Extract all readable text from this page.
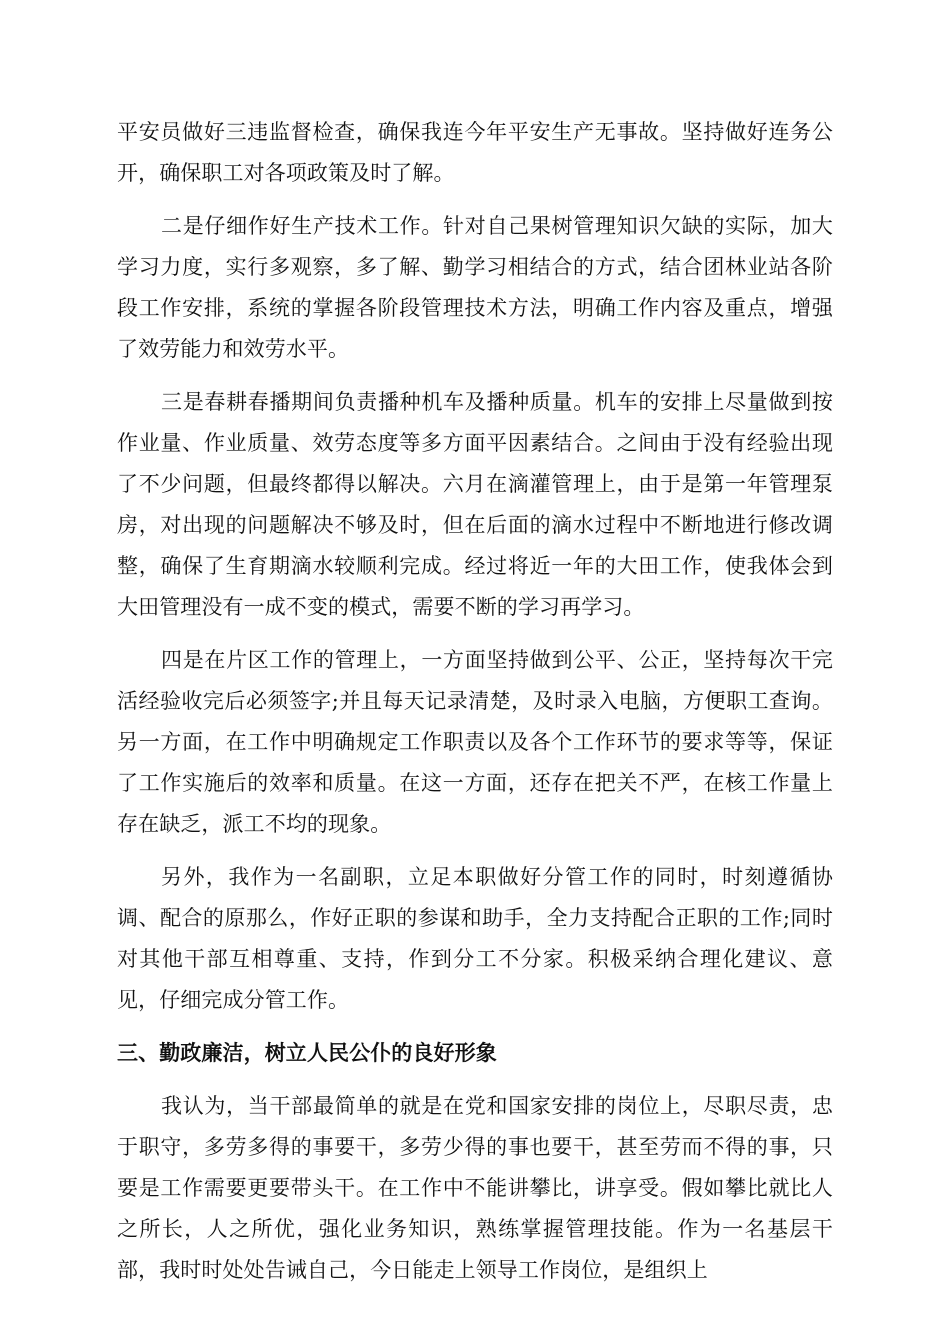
平安员做好三违监督检查，确保我连今年平安生产无事故。坚持做好连务公开，确保职工对各项政策及时了解。

二是仔细作好生产技术工作。针对自己果树管理知识欠缺的实际，加大学习力度，实行多观察，多了解、勤学习相结合的方式，结合团林业站各阶段工作安排，系统的掌握各阶段管理技术方法，明确工作内容及重点，增强了效劳能力和效劳水平。

三是春耕春播期间负责播种机车及播种质量。机车的安排上尽量做到按作业量、作业质量、效劳态度等多方面平因素结合。之间由于没有经验出现了不少问题，但最终都得以解决。六月在滴灌管理上，由于是第一年管理泵房，对出现的问题解决不够及时，但在后面的滴水过程中不断地进行修改调整，确保了生育期滴水较顺利完成。经过将近一年的大田工作，使我体会到大田管理没有一成不变的模式，需要不断的学习再学习。

四是在片区工作的管理上，一方面坚持做到公平、公正，坚持每次干完活经验收完后必须签字;并且每天记录清楚，及时录入电脑，方便职工查询。另一方面，在工作中明确规定工作职责以及各个工作环节的要求等等，保证了工作实施后的效率和质量。在这一方面，还存在把关不严，在核工作量上存在缺乏，派工不均的现象。

另外，我作为一名副职，立足本职做好分管工作的同时，时刻遵循协调、配合的原那么，作好正职的参谋和助手，全力支持配合正职的工作;同时对其他干部互相尊重、支持，作到分工不分家。积极采纳合理化建议、意见，仔细完成分管工作。

三、勤政廉洁，树立人民公仆的良好形象

我认为，当干部最简单的就是在党和国家安排的岗位上，尽职尽责，忠于职守，多劳多得的事要干，多劳少得的事也要干，甚至劳而不得的事，只要是工作需要更要带头干。在工作中不能讲攀比，讲享受。假如攀比就比人之所长，人之所优，强化业务知识，熟练掌握管理技能。作为一名基层干部，我时时处处告诫自己，今日能走上领导工作岗位，是组织上
